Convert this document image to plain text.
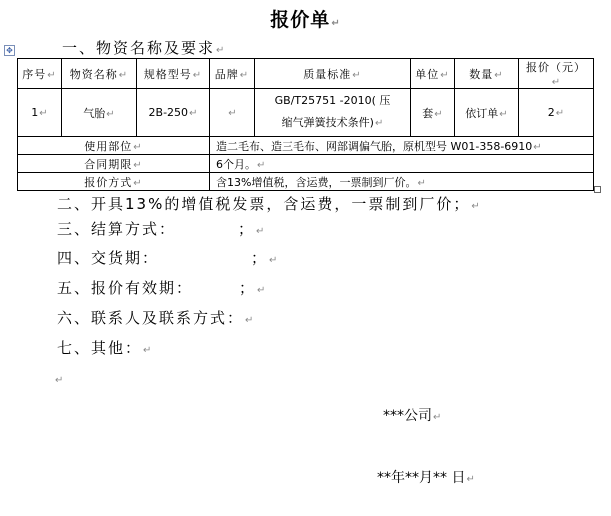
报价单↵
✥	一、物资名称及要求↵
序号↵	物资名称↵	规格型号↵	品牌↵	质量标准↵	单位↵	数量↵	报价（元）↵
1↵	气胎↵	2B-250↵	↵	GB/T25751 -2010( 压
缩气弹簧技术条件)↵	套↵	依订单↵	2↵
使用部位↵			造二毛布、造三毛布、网部调偏气胎，原机型号 W01-358-6910↵				
合同期限↵			6个月。↵				
报价方式↵			含13%增值税，含运费，一票制到厂价。↵				
二、开具13%的增值税发票，含运费，一票制到厂价；↵
三、结算方式：	；↵
四、交货期：	；↵
五、报价有效期：	；↵
六、联系人及联系方式：↵
七、其他：↵
↵
***公司↵
**年**月** 日↵
